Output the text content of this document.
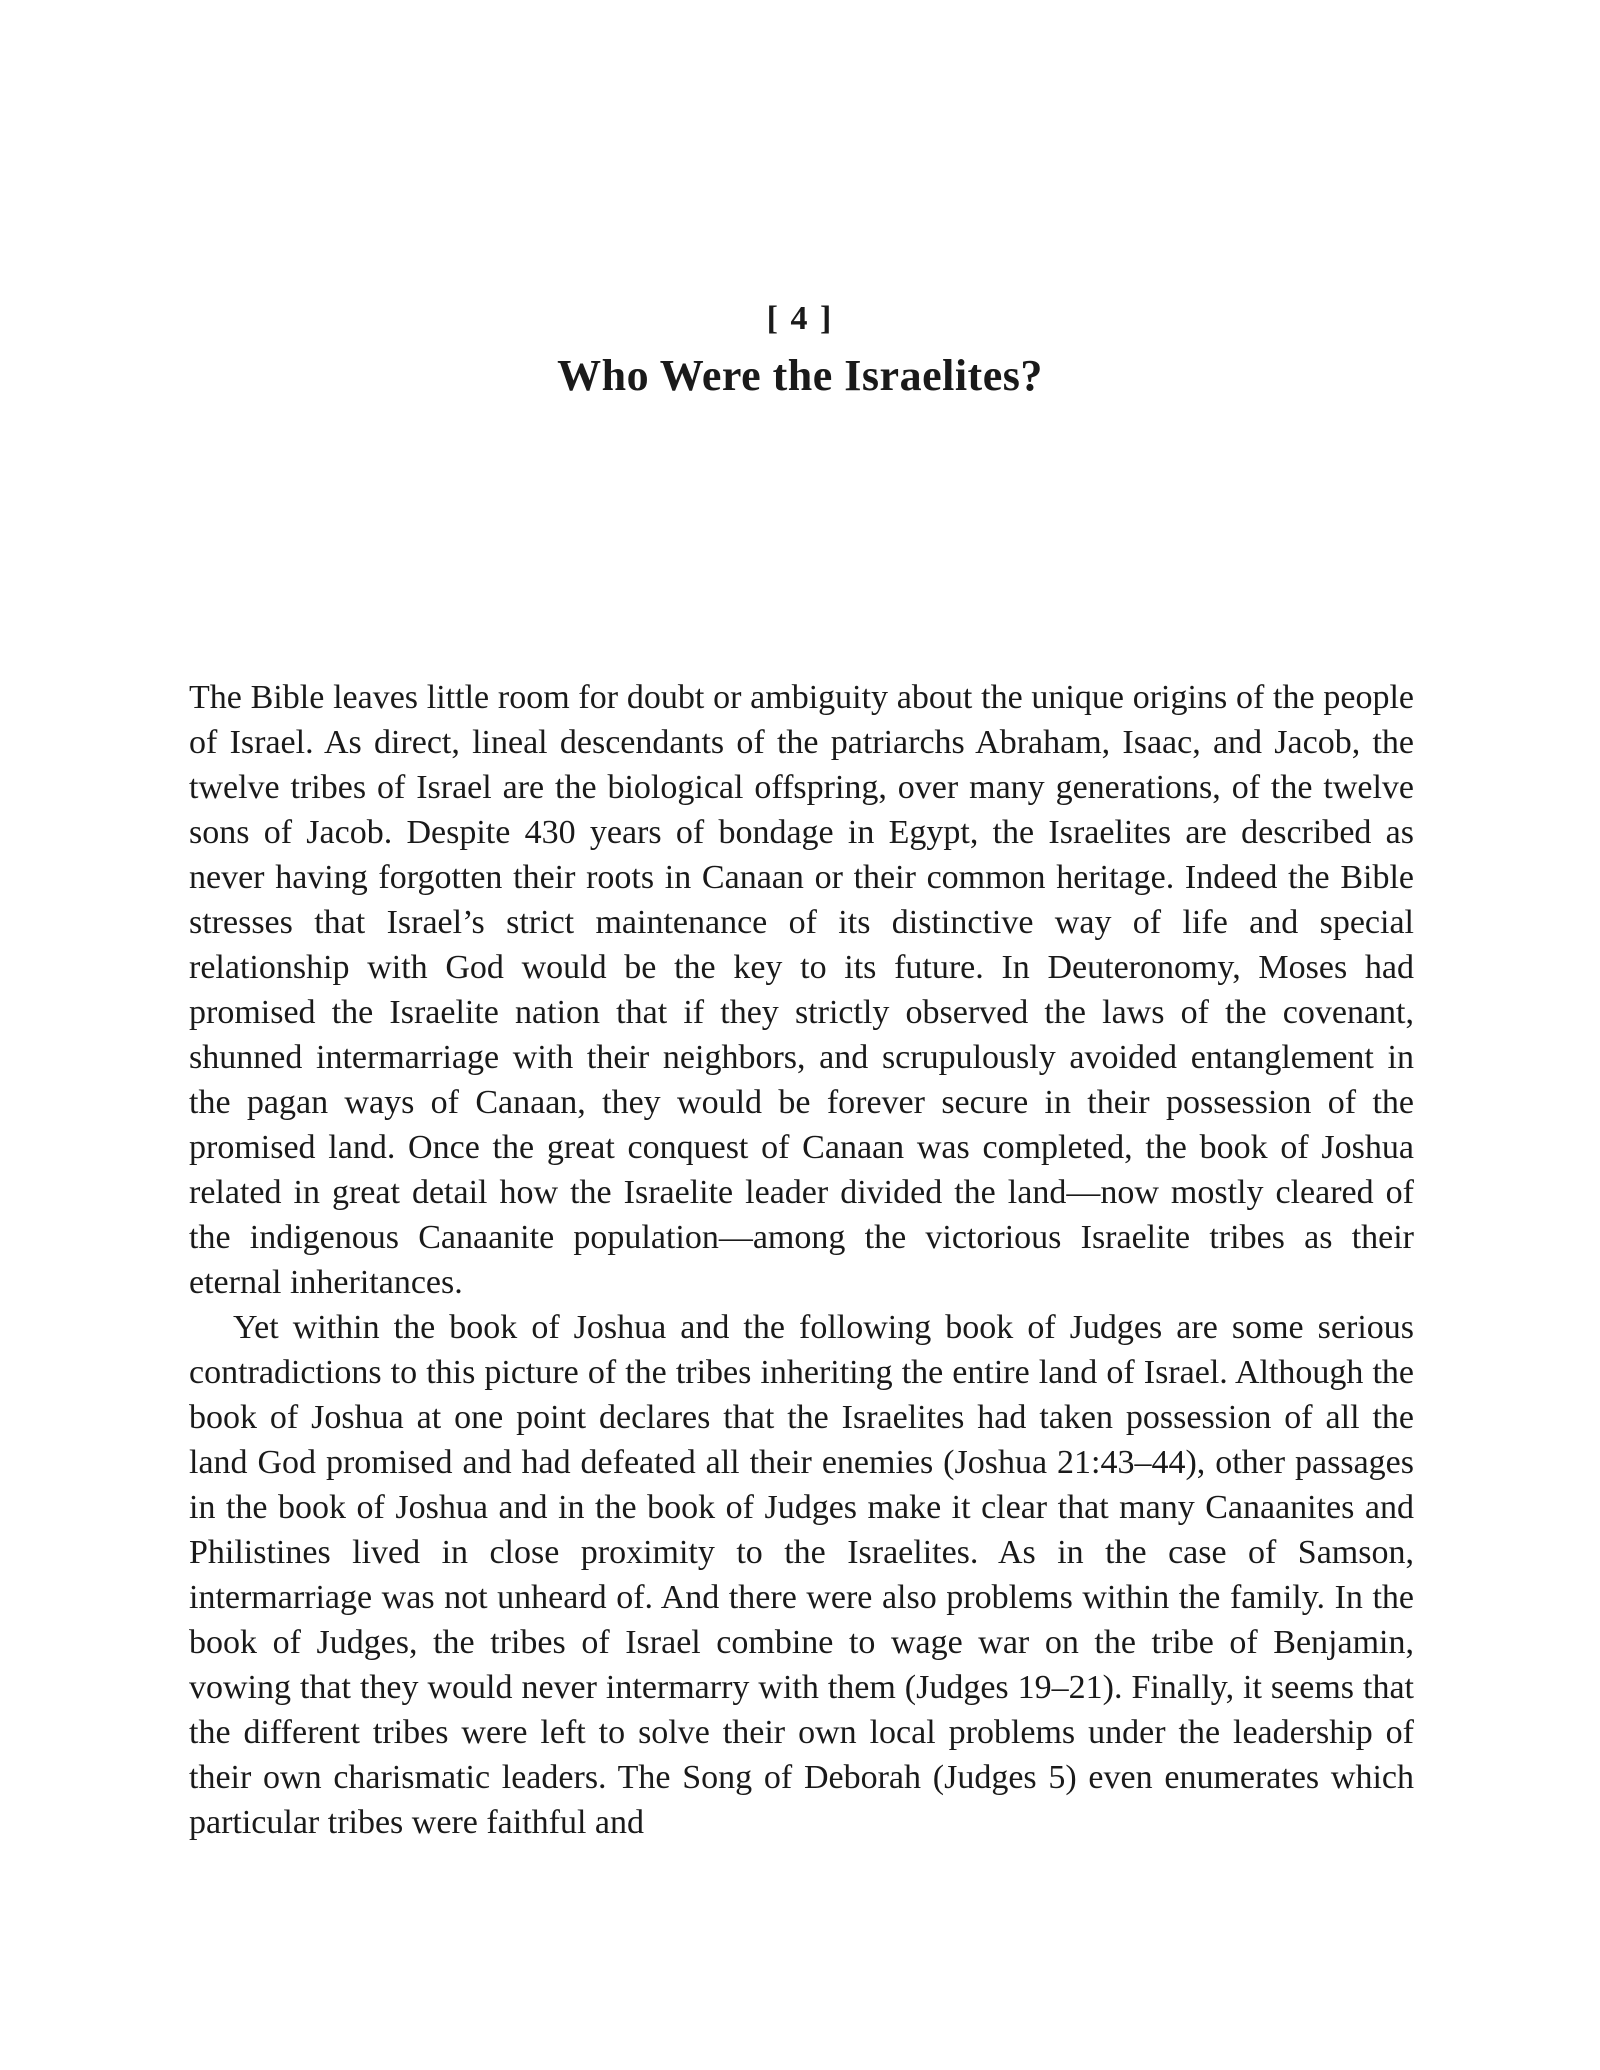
[ 4 ]
Who Were the Israelites?

The Bible leaves little room for doubt or ambiguity about the unique origins of the people of Israel. As direct, lineal descendants of the patriarchs Abraham, Isaac, and Jacob, the twelve tribes of Israel are the biological offspring, over many generations, of the twelve sons of Jacob. Despite 430 years of bondage in Egypt, the Israelites are described as never having forgotten their roots in Canaan or their common heritage. Indeed the Bible stresses that Israel’s strict maintenance of its distinctive way of life and special relationship with God would be the key to its future. In Deuteronomy, Moses had promised the Israelite nation that if they strictly observed the laws of the covenant, shunned intermarriage with their neighbors, and scrupulously avoided entanglement in the pagan ways of Canaan, they would be forever secure in their possession of the promised land. Once the great conquest of Canaan was completed, the book of Joshua related in great detail how the Israelite leader divided the land—now mostly cleared of the indigenous Canaanite population—among the victorious Israelite tribes as their eternal inheritances.

Yet within the book of Joshua and the following book of Judges are some serious contradictions to this picture of the tribes inheriting the entire land of Israel. Although the book of Joshua at one point declares that the Israelites had taken possession of all the land God promised and had defeated all their enemies (Joshua 21:43–44), other passages in the book of Joshua and in the book of Judges make it clear that many Canaanites and Philistines lived in close proximity to the Israelites. As in the case of Samson, intermarriage was not unheard of. And there were also problems within the family. In the book of Judges, the tribes of Israel combine to wage war on the tribe of Benjamin, vowing that they would never intermarry with them (Judges 19–21). Finally, it seems that the different tribes were left to solve their own local problems under the leadership of their own charismatic leaders. The Song of Deborah (Judges 5) even enumerates which particular tribes were faithful and
